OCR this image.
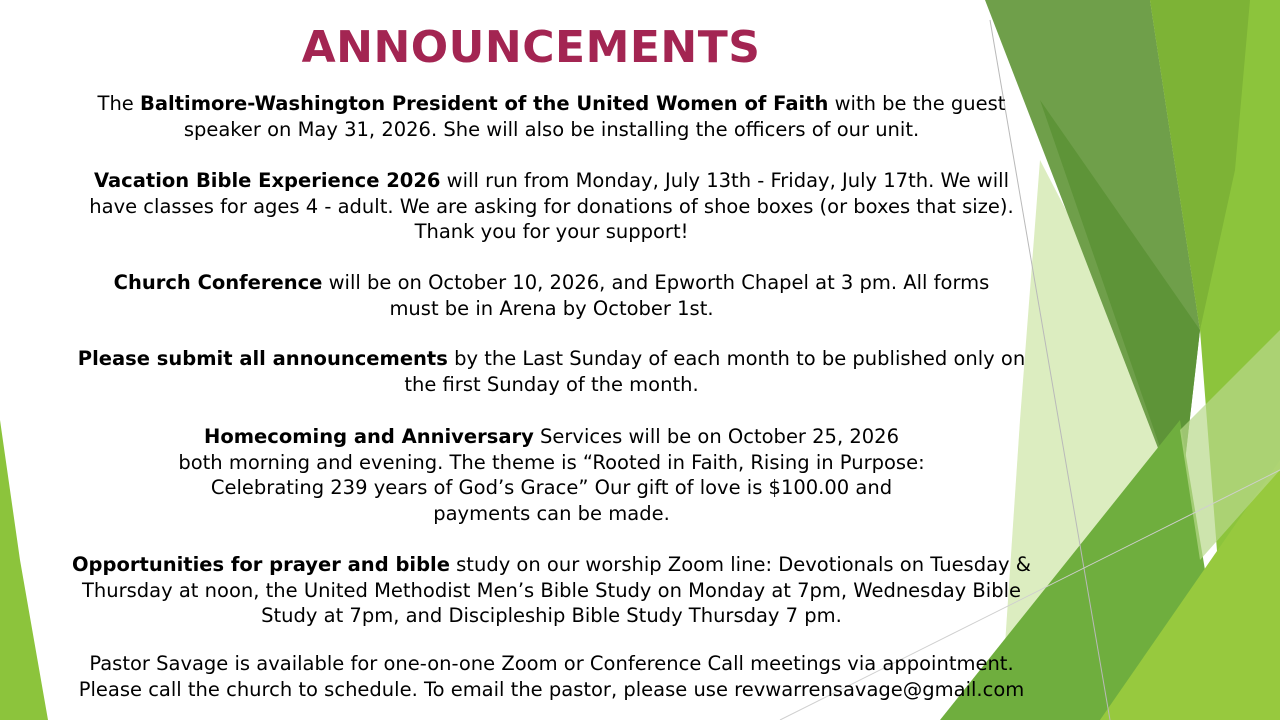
ANNOUNCEMENTS
The Baltimore-Washington President of the United Women of Faith with be the guest
speaker on May 31, 2026. She will also be installing the officers of our unit.
Vacation Bible Experience 2026 will run from Monday, July 13th - Friday, July 17th. We will
have classes for ages 4 - adult. We are asking for donations of shoe boxes (or boxes that size).
Thank you for your support!
Church Conference will be on October 10, 2026, and Epworth Chapel at 3 pm. All forms
must be in Arena by October 1st.
Please submit all announcements by the Last Sunday of each month to be published only on
the first Sunday of the month.
Homecoming and Anniversary Services will be on October 25, 2026
both morning and evening. The theme is “Rooted in Faith, Rising in Purpose:
Celebrating 239 years of God’s Grace” Our gift of love is $100.00 and
payments can be made.
Opportunities for prayer and bible study on our worship Zoom line: Devotionals on Tuesday &
Thursday at noon, the United Methodist Men’s Bible Study on Monday at 7pm, Wednesday Bible
Study at 7pm, and Discipleship Bible Study Thursday 7 pm.
Pastor Savage is available for one-on-one Zoom or Conference Call meetings via appointment.
Please call the church to schedule. To email the pastor, please use revwarrensavage@gmail.com
